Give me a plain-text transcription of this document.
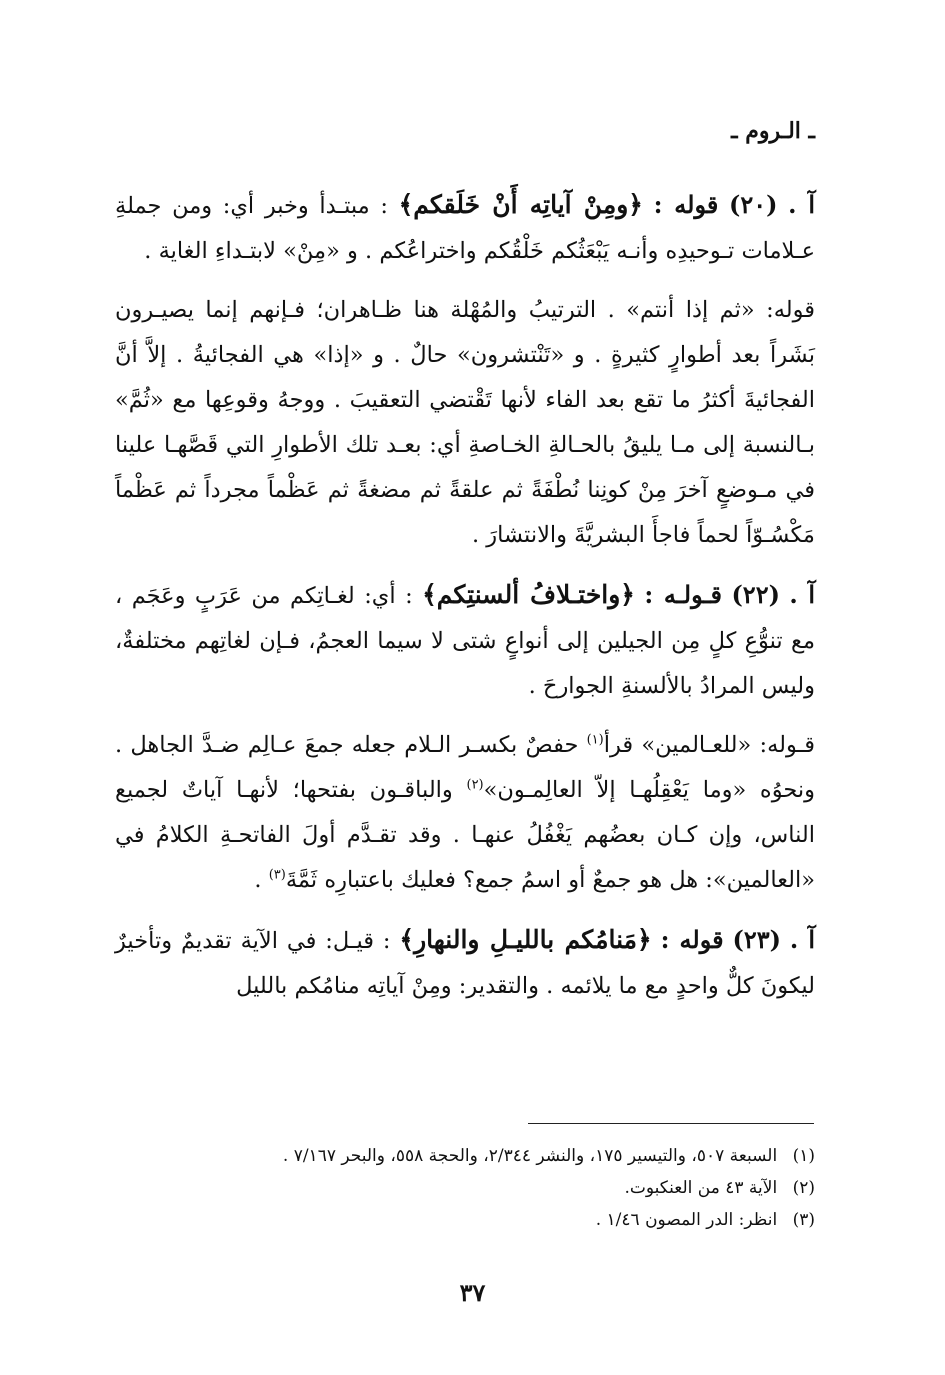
ـ الـروم ـ

آ . (٢٠) قوله : ﴿ومِنْ آياتِه أَنْ خَلَقكم﴾ : مبتـدأ وخبر أي: ومن جملةِ عـلامات تـوحيدِه وأنـه يَبْعَثُكم خَلْقُكم واختراعُكم . و «مِنْ» لابتـداءِ الغاية .

قوله: «ثم إذا أنتم» . الترتيبُ والمُهْلة هنا ظـاهران؛ فـإنهم إنما يصيـرون بَشَراً بعد أطوارٍ كثيرةٍ . و «تَنْتشرون» حالٌ . و «إذا» هي الفجائيةُ . إلاَّ أنَّ الفجائيةَ أكثرُ ما تقع بعد الفاء لأنها تَقْتضي التعقيبَ . ووجهُ وقوعِها مع «ثُمَّ» بـالنسبة إلى مـا يليقُ بالحـالةِ الخـاصةِ أي: بعـد تلك الأطوارِ التي قَصَّهـا علينا في مـوضعٍ آخرَ مِنْ كونِنا نُطْفَةً ثم علقةً ثم مضغةً ثم عَظْماً مجرداً ثم عَظْماً مَكْسُـوّاً لحماً فاجأَ البشريَّةَ والانتشارَ .

آ . (٢٢) قـولـه : ﴿واختـلافُ ألسنتِكم﴾ : أي: لغـاتِكم من عَرَبٍ وعَجَم ، مع تنوُّعِ كلٍ مِن الجيلين إلى أنواعٍ شتى لا سيما العجمُ، فـإن لغاتِهم مختلفةٌ، وليس المرادُ بالألسنةِ الجوارحَ .

قـوله: «للعـالمين» قرأ$^{(١)}$ حفصٌ بكسـر الـلام جعله جمعَ عـالِم ضـدَّ الجاهل . ونحوُه «وما يَعْقِلُهـا إلاّ العالِمـون»$^{(٢)}$ والباقـون بفتحها؛ لأنهـا آياتٌ لجميع الناس، وإن كـان بعضُهم يَغْفُلُ عنهـا . وقد تقـدَّم أولَ الفاتحـةِ الكلامُ في «العالمين»: هل هو جمعٌ أو اسمُ جمع؟ فعليك باعتبارِه ثَمَّةَ$^{(٣)}$ .

آ . (٢٣) قوله : ﴿مَنامُكم بالليـلِ والنهارِ﴾ : قيـل: في الآية تقديمٌ وتأخيرٌ ليكونَ كلٌّ واحدٍ مع ما يلائمه . والتقدير: ومِنْ آياتِه منامُكم بالليل

(١) السبعة ٥٠٧، والتيسير ١٧٥، والنشر ٢/٣٤٤، والحجة ٥٥٨، والبحر ٧/١٦٧ .

(٢) الآية ٤٣ من العنكبوت.

(٣) انظر: الدر المصون ١/٤٦ .

٣٧
